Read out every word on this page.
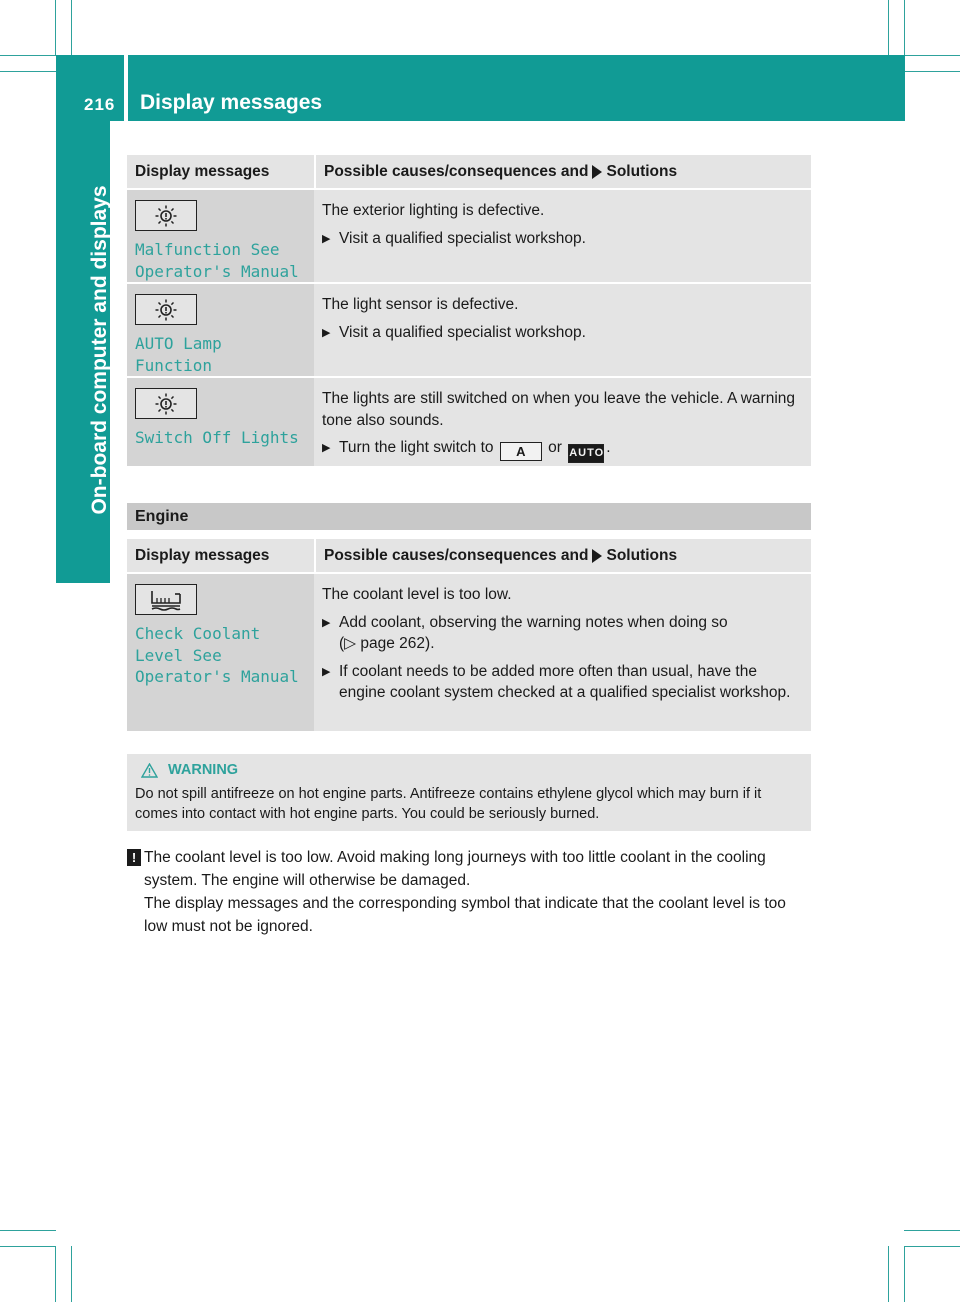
216 Display messages
On-board computer and displays
Display messages	Possible causes/consequences and Solutions
Malfunction See
Operator's Manual
The exterior lighting is defective.
▶ Visit a qualified specialist workshop.
AUTO Lamp Function
The light sensor is defective.
▶ Visit a qualified specialist workshop.
Switch Off Lights
The lights are still switched on when you leave the vehicle. A warning tone also sounds.
▶ Turn the light switch to A or AUTO .
Engine
Display messages	Possible causes/consequences and Solutions
Check Coolant
Level See
Operator's Manual
The coolant level is too low.
▶ Add coolant, observing the warning notes when doing so
(▷ page 262).
▶ If coolant needs to be added more often than usual, have the engine coolant system checked at a qualified specialist workshop.
WARNING
Do not spill antifreeze on hot engine parts. Antifreeze contains ethylene glycol which may burn if it comes into contact with hot engine parts. You could be seriously burned.
! The coolant level is too low. Avoid making long journeys with too little coolant in the cooling system. The engine will otherwise be damaged.
The display messages and the corresponding symbol that indicate that the coolant level is too low must not be ignored.
